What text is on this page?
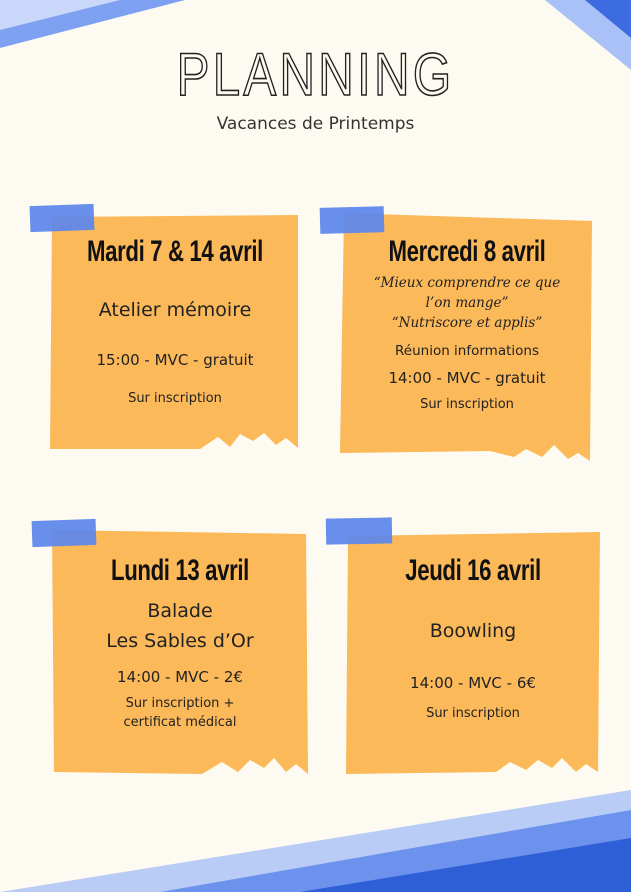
PLANNING
Vacances de Printemps
Mardi 7 & 14 avril
Atelier mémoire
15:00 - MVC - gratuit
Sur inscription
Mercredi 8 avril
“Mieux comprendre ce que
l’on mange”
“Nutriscore et applis”
Réunion informations
14:00 - MVC - gratuit
Sur inscription
Lundi 13 avril
Balade
Les Sables d’Or
14:00 - MVC - 2€
Sur inscription +
certificat médical
Jeudi 16 avril
Boowling
14:00 - MVC - 6€
Sur inscription
